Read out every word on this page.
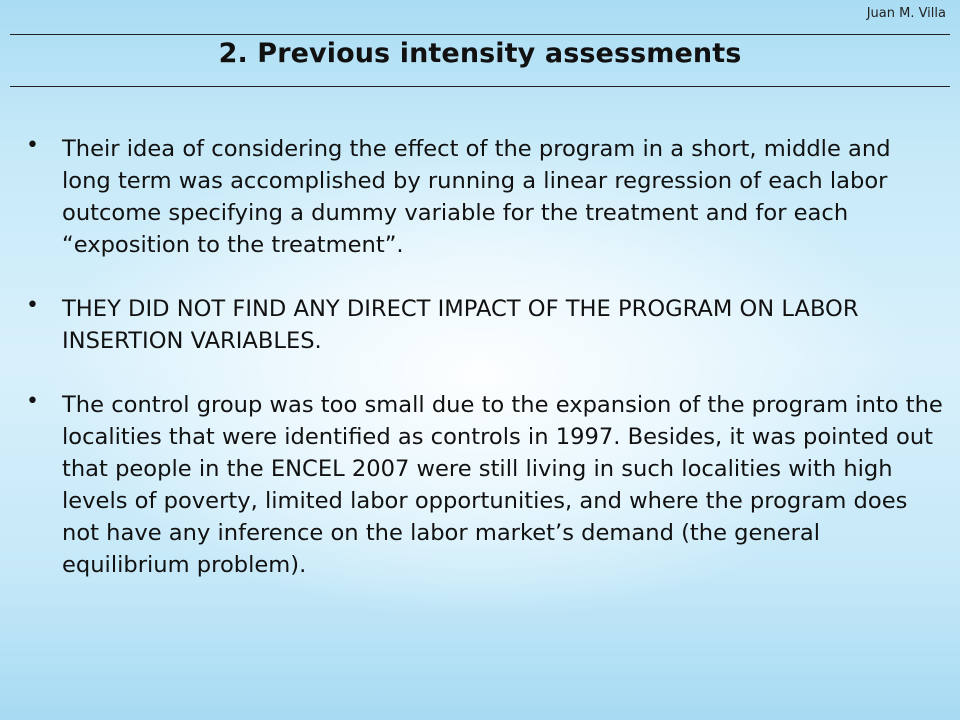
Juan M. Villa
2. Previous intensity assessments
• Their idea of considering the effect of the program in a short, middle and long term was accomplished by running a linear regression of each labor outcome specifying a dummy variable for the treatment and for each “exposition to the treatment”.
• THEY DID NOT FIND ANY DIRECT IMPACT OF THE PROGRAM ON LABOR INSERTION VARIABLES.
• The control group was too small due to the expansion of the program into the localities that were identified as controls in 1997. Besides, it was pointed out that people in the ENCEL 2007 were still living in such localities with high levels of poverty, limited labor opportunities, and where the program does not have any inference on the labor market’s demand (the general equilibrium problem).
